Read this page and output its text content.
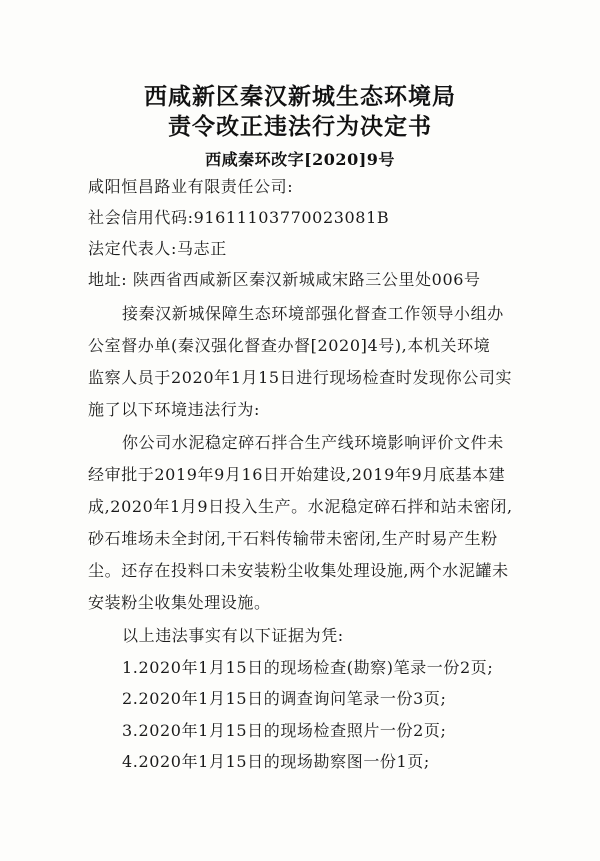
西咸新区秦汉新城生态环境局
责令改正违法行为决定书
西咸秦环改字[2020]9号
咸阳恒昌路业有限责任公司:
社会信用代码:91611103770023081B
法定代表人:马志正
地址: 陕西省西咸新区秦汉新城咸宋路三公里处006号
接秦汉新城保障生态环境部强化督查工作领导小组办
公室督办单(秦汉强化督查办督[2020]4号),本机关环境
监察人员于2020年1月15日进行现场检查时发现你公司实
施了以下环境违法行为:
你公司水泥稳定碎石拌合生产线环境影响评价文件未
经审批于2019年9月16日开始建设,2019年9月底基本建
成,2020年1月9日投入生产。水泥稳定碎石拌和站未密闭,
砂石堆场未全封闭,干石料传输带未密闭,生产时易产生粉
尘。还存在投料口未安装粉尘收集处理设施,两个水泥罐未
安装粉尘收集处理设施。
以上违法事实有以下证据为凭:
1.2020年1月15日的现场检查(勘察)笔录一份2页;
2.2020年1月15日的调查询问笔录一份3页;
3.2020年1月15日的现场检查照片一份2页;
4.2020年1月15日的现场勘察图一份1页;
